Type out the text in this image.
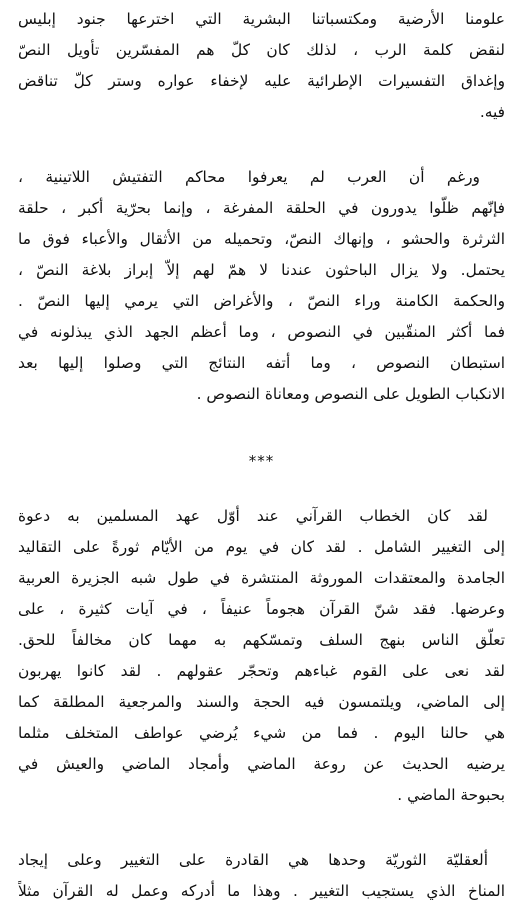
علومنا الأرضية ومكتسباتنا البشرية التي اخترعها جنود إبليس
لنقض كلمة الرب ، لذلك كان كلّ هم المفسّرين تأويل النصّ
وإغداق التفسيرات الإطرائية عليه لإخفاء عواره وستر كلّ تناقض
فيه.
ورغم أن العرب لم يعرفوا محاكم التفتيش اللاتينية ،
فإنّهم ظلّوا يدورون في الحلقة المفرغة ، وإنما بحرّية أكبر ، حلقة
الثرثرة والحشو ، وإنهاك النصّ، وتحميله من الأثقال والأعباء فوق ما
يحتمل. ولا يزال الباحثون عندنا لا همّ لهم إلاّ إبراز بلاغة النصّ ،
والحكمة الكامنة وراء النصّ ، والأغراض التي يرمي إليها النصّ .
فما أكثر المنقّبين في النصوص ، وما أعظم الجهد الذي يبذلونه في
استبطان النصوص ، وما أتفه النتائج التي وصلوا إليها بعد
الانكباب الطويل على النصوص ومعاناة النصوص .
***
لقد كان الخطاب القرآني عند أوّل عهد المسلمين به دعوة
إلى التغيير الشامل . لقد كان في يوم من الأيّام ثورةً على التقاليد
الجامدة والمعتقدات الموروثة المنتشرة في طول شبه الجزيرة العربية
وعرضها. فقد شنّ القرآن هجوماً عنيفاً ، في آيات كثيرة ، على
تعلّق الناس بنهج السلف وتمسّكهم به مهما كان مخالفاً للحق.
لقد نعى على القوم غباءهم وتحجّر عقولهم . لقد كانوا يهربون
إلى الماضي، ويلتمسون فيه الحجة والسند والمرجعية المطلقة كما
هي حالنا اليوم . فما من شيء يُرضي عواطف المتخلف مثلما
يرضيه الحديث عن روعة الماضي وأمجاد الماضي والعيش في
بحبوحة الماضي .
ألعقليّة الثوريّة وحدها هي القادرة على التغيير وعلى إيجاد
المناخ الذي يستجيب التغيير . وهذا ما أدركه وعمل له القرآن مثلاً
